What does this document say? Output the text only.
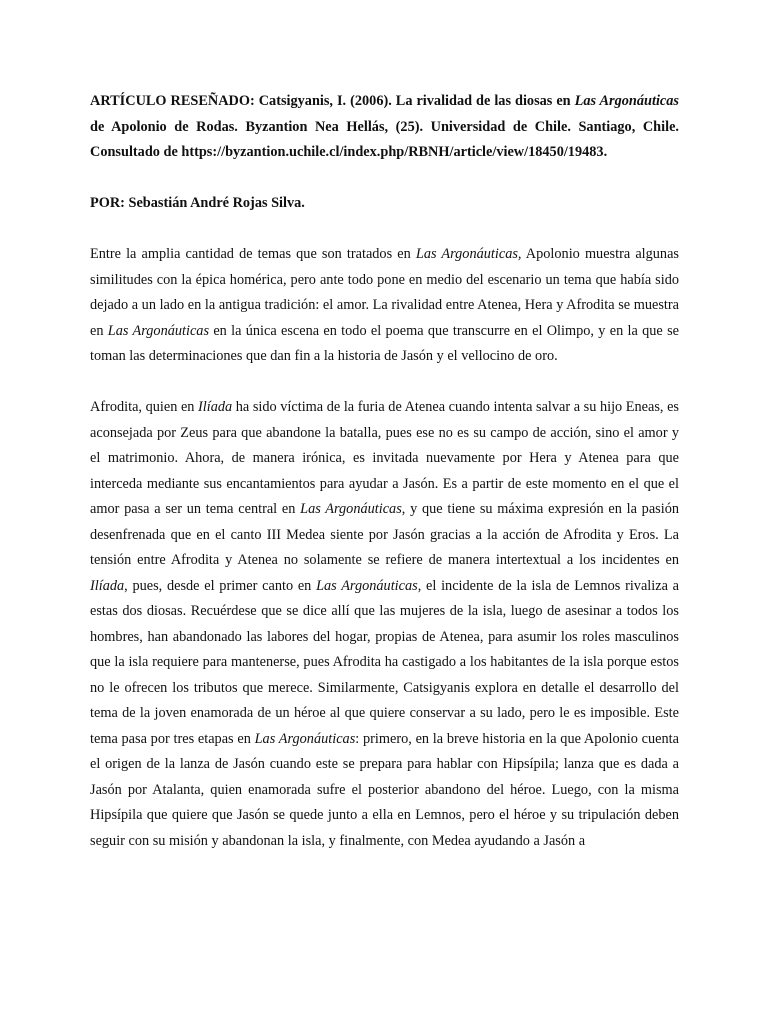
ARTÍCULO RESEÑADO: Catsigyanis, I. (2006). La rivalidad de las diosas en Las Argonáuticas de Apolonio de Rodas. Byzantion Nea Hellás, (25). Universidad de Chile. Santiago, Chile. Consultado de https://byzantion.uchile.cl/index.php/RBNH/article/view/18450/19483.

POR: Sebastián André Rojas Silva.

Entre la amplia cantidad de temas que son tratados en Las Argonáuticas, Apolonio muestra algunas similitudes con la épica homérica, pero ante todo pone en medio del escenario un tema que había sido dejado a un lado en la antigua tradición: el amor. La rivalidad entre Atenea, Hera y Afrodita se muestra en Las Argonáuticas en la única escena en todo el poema que transcurre en el Olimpo, y en la que se toman las determinaciones que dan fin a la historia de Jasón y el vellocino de oro.

Afrodita, quien en Ilíada ha sido víctima de la furia de Atenea cuando intenta salvar a su hijo Eneas, es aconsejada por Zeus para que abandone la batalla, pues ese no es su campo de acción, sino el amor y el matrimonio. Ahora, de manera irónica, es invitada nuevamente por Hera y Atenea para que interceda mediante sus encantamientos para ayudar a Jasón. Es a partir de este momento en el que el amor pasa a ser un tema central en Las Argonáuticas, y que tiene su máxima expresión en la pasión desenfrenada que en el canto III Medea siente por Jasón gracias a la acción de Afrodita y Eros. La tensión entre Afrodita y Atenea no solamente se refiere de manera intertextual a los incidentes en Ilíada, pues, desde el primer canto en Las Argonáuticas, el incidente de la isla de Lemnos rivaliza a estas dos diosas. Recuérdese que se dice allí que las mujeres de la isla, luego de asesinar a todos los hombres, han abandonado las labores del hogar, propias de Atenea, para asumir los roles masculinos que la isla requiere para mantenerse, pues Afrodita ha castigado a los habitantes de la isla porque estos no le ofrecen los tributos que merece. Similarmente, Catsigyanis explora en detalle el desarrollo del tema de la joven enamorada de un héroe al que quiere conservar a su lado, pero le es imposible. Este tema pasa por tres etapas en Las Argonáuticas: primero, en la breve historia en la que Apolonio cuenta el origen de la lanza de Jasón cuando este se prepara para hablar con Hipsípila; lanza que es dada a Jasón por Atalanta, quien enamorada sufre el posterior abandono del héroe. Luego, con la misma Hipsípila que quiere que Jasón se quede junto a ella en Lemnos, pero el héroe y su tripulación deben seguir con su misión y abandonan la isla, y finalmente, con Medea ayudando a Jasón a
